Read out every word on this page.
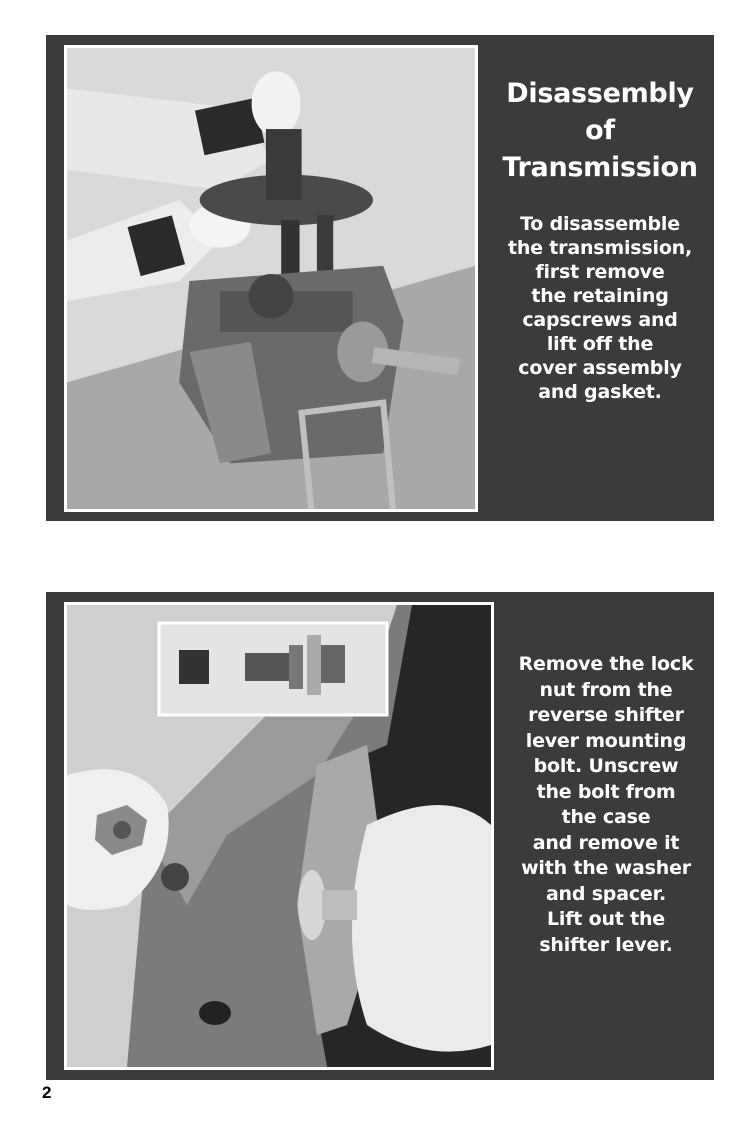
Disassembly
of
Transmission
To disassemble
the transmission,
first remove
the retaining
capscrews and
lift off the
cover assembly
and gasket.
Remove the lock
nut from the
reverse shifter
lever mounting
bolt. Unscrew
the bolt from
the case
and remove it
with the washer
and spacer.
Lift out the
shifter lever.
2
